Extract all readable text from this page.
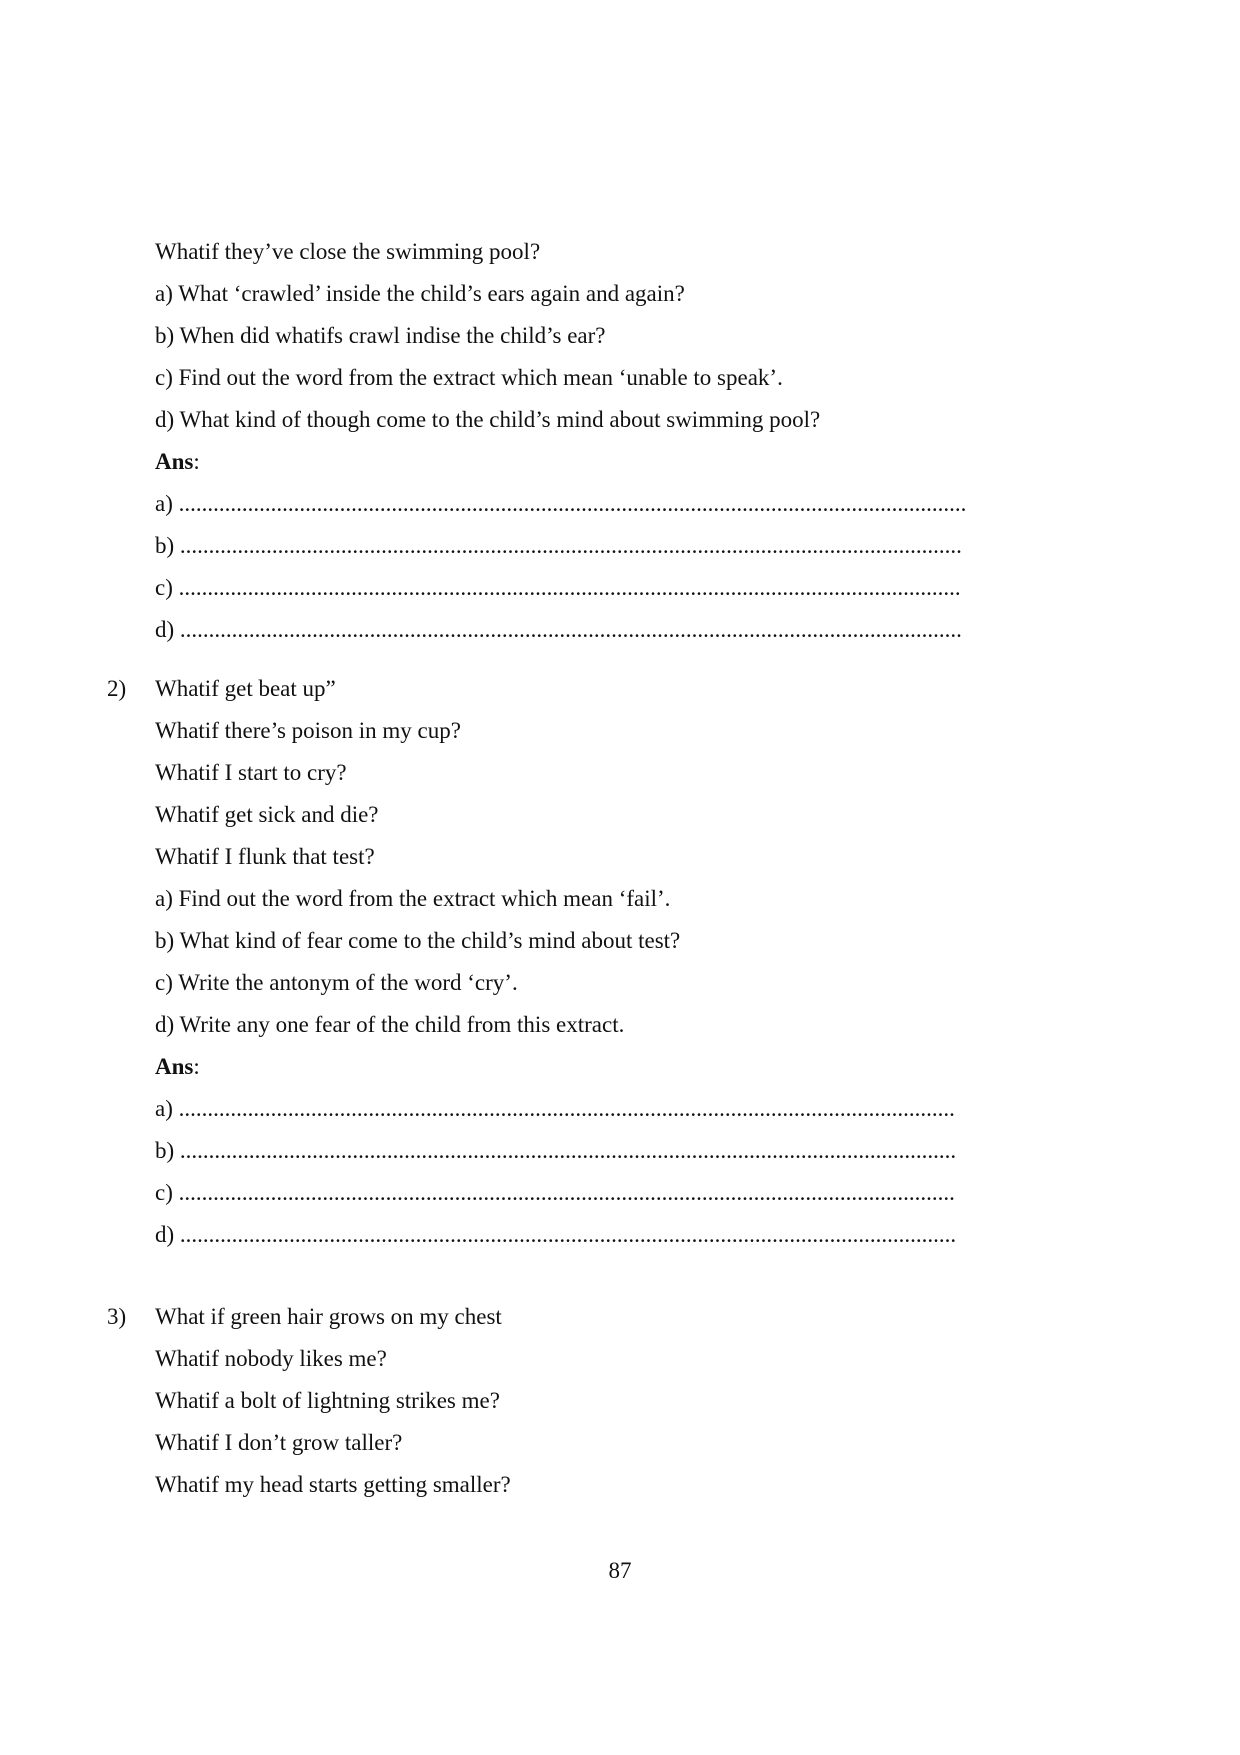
Whatif they’ve close the swimming pool?
a) What ‘crawled’ inside the child’s ears again and again?
b) When did whatifs crawl indise the child’s ear?
c) Find out the word from the extract which mean ‘unable to speak’.
d) What kind of though come to the child’s mind about swimming pool?
Ans:
a) .........................................................................................................................................
b) ........................................................................................................................................
c) ........................................................................................................................................
d) ........................................................................................................................................
2) Whatif get beat up”
Whatif there’s poison in my cup?
Whatif I start to cry?
Whatif get sick and die?
Whatif I flunk that test?
a) Find out the word from the extract which mean ‘fail’.
b) What kind of fear come to the child’s mind about test?
c) Write the antonym of the word ‘cry’.
d) Write any one fear of the child from this extract.
Ans:
a) .......................................................................................................................................
b) .......................................................................................................................................
c) .......................................................................................................................................
d) .......................................................................................................................................
3) What if green hair grows on my chest
Whatif nobody likes me?
Whatif a bolt of lightning strikes me?
Whatif I don’t grow taller?
Whatif my head starts getting smaller?
87
